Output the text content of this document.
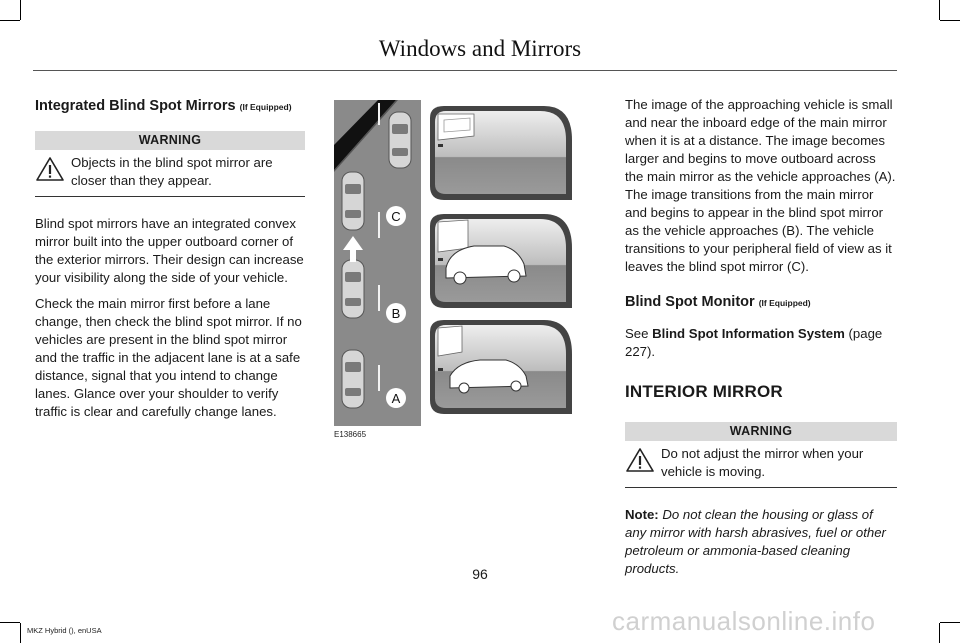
Windows and Mirrors
Integrated Blind Spot Mirrors (If Equipped)
WARNING
Objects in the blind spot mirror are closer than they appear.

Blind spot mirrors have an integrated convex mirror built into the upper outboard corner of the exterior mirrors. Their design can increase your visibility along the side of your vehicle.

Check the main mirror first before a lane change, then check the blind spot mirror. If no vehicles are present in the blind spot mirror and the traffic in the adjacent lane is at a safe distance, signal that you intend to change lanes. Glance over your shoulder to verify traffic is clear and carefully change lanes.

C
B
A
E138665

The image of the approaching vehicle is small and near the inboard edge of the main mirror when it is at a distance. The image becomes larger and begins to move outboard across the main mirror as the vehicle approaches (A). The image transitions from the main mirror and begins to appear in the blind spot mirror as the vehicle approaches (B). The vehicle transitions to your peripheral field of view as it leaves the blind spot mirror (C).

Blind Spot Monitor (If Equipped)

See Blind Spot Information System (page 227).

INTERIOR MIRROR
WARNING
Do not adjust the mirror when your vehicle is moving.

Note: Do not clean the housing or glass of any mirror with harsh abrasives, fuel or other petroleum or ammonia-based cleaning products.

96
MKZ Hybrid (), enUSA	carmanualsonline.info
